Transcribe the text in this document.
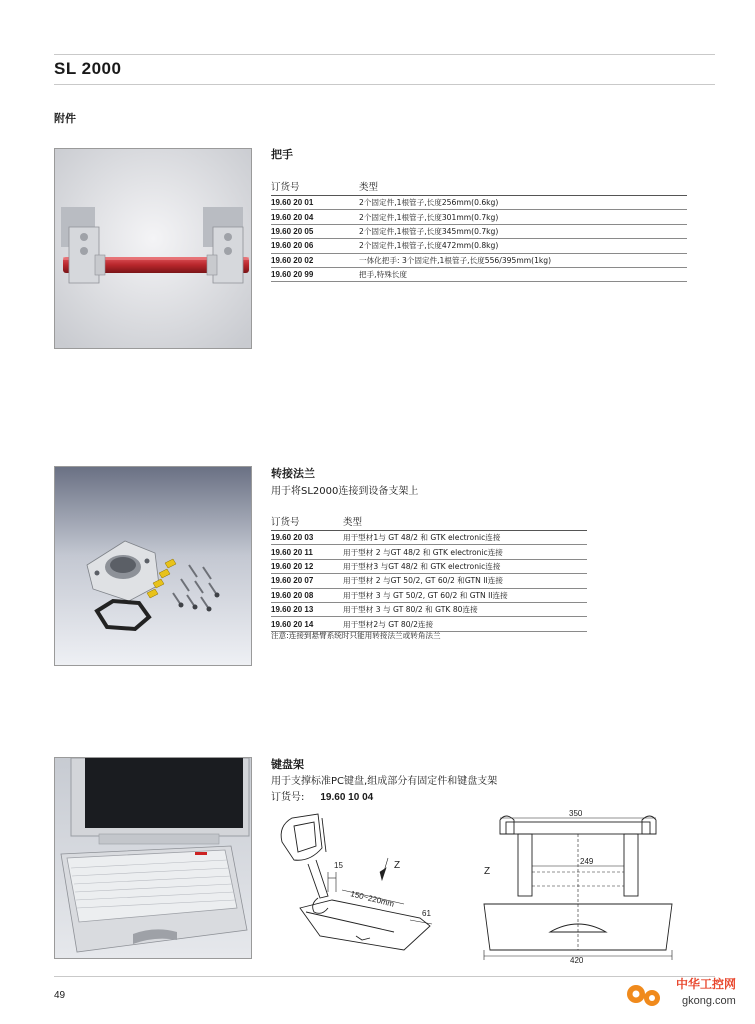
SL 2000
附件
把手
订货号	类型
19.60 20 01	2个固定件,1根管子,长度256mm(0.6kg)
19.60 20 04	2个固定件,1根管子,长度301mm(0.7kg)
19.60 20 05	2个固定件,1根管子,长度345mm(0.7kg)
19.60 20 06	2个固定件,1根管子,长度472mm(0.8kg)
19.60 20 02	一体化把手: 3个固定件,1根管子,长度556/395mm(1kg)
19.60 20 99	把手,特殊长度
转接法兰
用于将SL2000连接到设备支架上
订货号	类型
19.60 20 03	用于型材1与 GT 48/2 和 GTK electronic连接
19.60 20 11	用于型材 2 与GT 48/2 和 GTK electronic连接
19.60 20 12	用于型材3 与GT 48/2 和 GTK electronic连接
19.60 20 07	用于型材 2 与GT 50/2, GT 60/2 和GTN II连接
19.60 20 08	用于型材 3 与 GT 50/2, GT 60/2 和 GTN II连接
19.60 20 13	用于型材 3 与 GT 80/2 和 GTK 80连接
19.60 20 14	用于型材2与 GT 80/2连接
注意:连接到悬臂系统时只能用转接法兰或转角法兰
键盘架
用于支撑标准PC键盘,组成部分有固定件和键盘支架
订货号: 19.60 10 04
15	Z
150~220mm
61
350
249
Z
420
49
中华工控网
gkong.com
